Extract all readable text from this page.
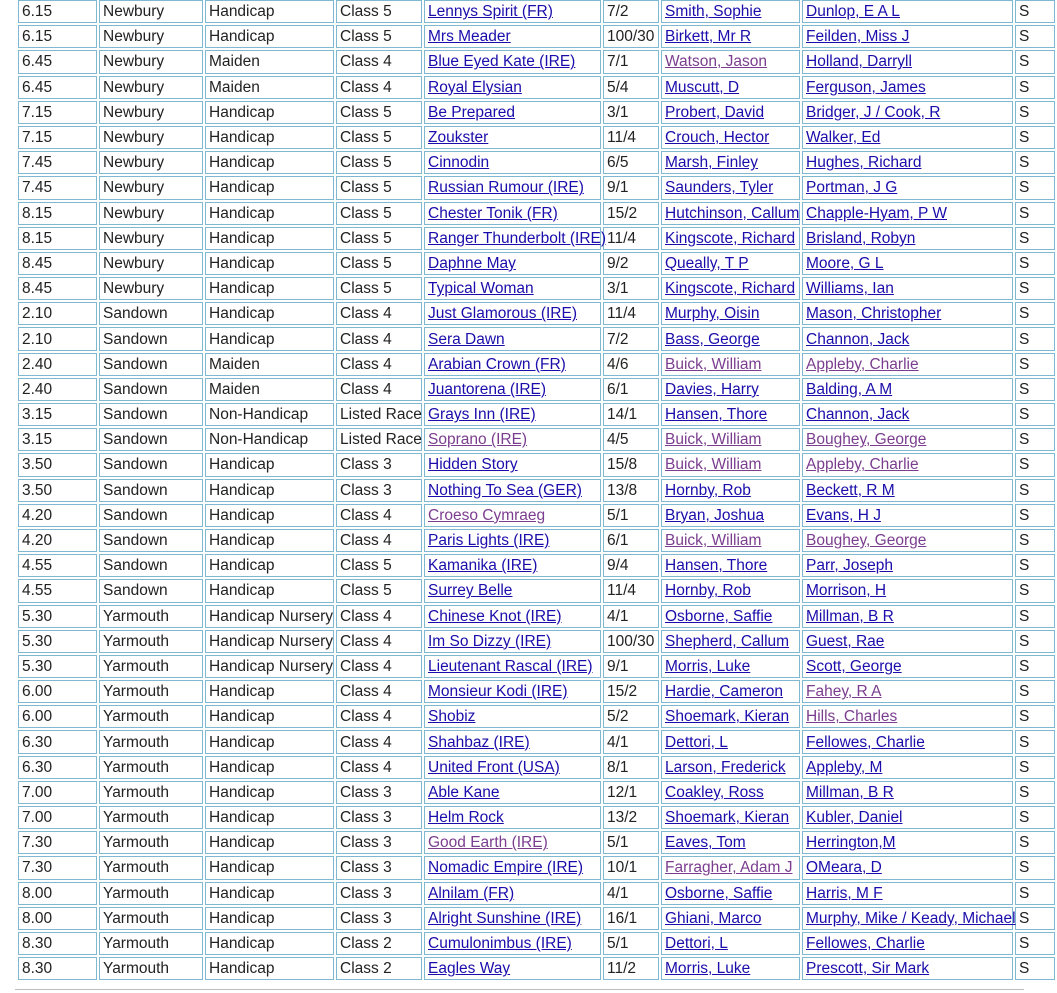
6.15	Newbury	Handicap	Class 5	Lennys Spirit (FR)	7/2	Smith, Sophie	Dunlop, E A L	S
6.15	Newbury	Handicap	Class 5	Mrs Meader	100/30	Birkett, Mr R	Feilden, Miss J	S
6.45	Newbury	Maiden	Class 4	Blue Eyed Kate (IRE)	7/1	Watson, Jason	Holland, Darryll	S
6.45	Newbury	Maiden	Class 4	Royal Elysian	5/4	Muscutt, D	Ferguson, James	S
7.15	Newbury	Handicap	Class 5	Be Prepared	3/1	Probert, David	Bridger, J / Cook, R	S
7.15	Newbury	Handicap	Class 5	Zoukster	11/4	Crouch, Hector	Walker, Ed	S
7.45	Newbury	Handicap	Class 5	Cinnodin	6/5	Marsh, Finley	Hughes, Richard	S
7.45	Newbury	Handicap	Class 5	Russian Rumour (IRE)	9/1	Saunders, Tyler	Portman, J G	S
8.15	Newbury	Handicap	Class 5	Chester Tonik (FR)	15/2	Hutchinson, Callum	Chapple-Hyam, P W	S
8.15	Newbury	Handicap	Class 5	Ranger Thunderbolt (IRE)	11/4	Kingscote, Richard	Brisland, Robyn	S
8.45	Newbury	Handicap	Class 5	Daphne May	9/2	Queally, T P	Moore, G L	S
8.45	Newbury	Handicap	Class 5	Typical Woman	3/1	Kingscote, Richard	Williams, Ian	S
2.10	Sandown	Handicap	Class 4	Just Glamorous (IRE)	11/4	Murphy, Oisin	Mason, Christopher	S
2.10	Sandown	Handicap	Class 4	Sera Dawn	7/2	Bass, George	Channon, Jack	S
2.40	Sandown	Maiden	Class 4	Arabian Crown (FR)	4/6	Buick, William	Appleby, Charlie	S
2.40	Sandown	Maiden	Class 4	Juantorena (IRE)	6/1	Davies, Harry	Balding, A M	S
3.15	Sandown	Non-Handicap	Listed Race	Grays Inn (IRE)	14/1	Hansen, Thore	Channon, Jack	S
3.15	Sandown	Non-Handicap	Listed Race	Soprano (IRE)	4/5	Buick, William	Boughey, George	S
3.50	Sandown	Handicap	Class 3	Hidden Story	15/8	Buick, William	Appleby, Charlie	S
3.50	Sandown	Handicap	Class 3	Nothing To Sea (GER)	13/8	Hornby, Rob	Beckett, R M	S
4.20	Sandown	Handicap	Class 4	Croeso Cymraeg	5/1	Bryan, Joshua	Evans, H J	S
4.20	Sandown	Handicap	Class 4	Paris Lights (IRE)	6/1	Buick, William	Boughey, George	S
4.55	Sandown	Handicap	Class 5	Kamanika (IRE)	9/4	Hansen, Thore	Parr, Joseph	S
4.55	Sandown	Handicap	Class 5	Surrey Belle	11/4	Hornby, Rob	Morrison, H	S
5.30	Yarmouth	Handicap Nursery	Class 4	Chinese Knot (IRE)	4/1	Osborne, Saffie	Millman, B R	S
5.30	Yarmouth	Handicap Nursery	Class 4	Im So Dizzy (IRE)	100/30	Shepherd, Callum	Guest, Rae	S
5.30	Yarmouth	Handicap Nursery	Class 4	Lieutenant Rascal (IRE)	9/1	Morris, Luke	Scott, George	S
6.00	Yarmouth	Handicap	Class 4	Monsieur Kodi (IRE)	15/2	Hardie, Cameron	Fahey, R A	S
6.00	Yarmouth	Handicap	Class 4	Shobiz	5/2	Shoemark, Kieran	Hills, Charles	S
6.30	Yarmouth	Handicap	Class 4	Shahbaz (IRE)	4/1	Dettori, L	Fellowes, Charlie	S
6.30	Yarmouth	Handicap	Class 4	United Front (USA)	8/1	Larson, Frederick	Appleby, M	S
7.00	Yarmouth	Handicap	Class 3	Able Kane	12/1	Coakley, Ross	Millman, B R	S
7.00	Yarmouth	Handicap	Class 3	Helm Rock	13/2	Shoemark, Kieran	Kubler, Daniel	S
7.30	Yarmouth	Handicap	Class 3	Good Earth (IRE)	5/1	Eaves, Tom	Herrington,M	S
7.30	Yarmouth	Handicap	Class 3	Nomadic Empire (IRE)	10/1	Farragher, Adam J	OMeara, D	S
8.00	Yarmouth	Handicap	Class 3	Alnilam (FR)	4/1	Osborne, Saffie	Harris, M F	S
8.00	Yarmouth	Handicap	Class 3	Alright Sunshine (IRE)	16/1	Ghiani, Marco	Murphy, Mike / Keady, Michael	S
8.30	Yarmouth	Handicap	Class 2	Cumulonimbus (IRE)	5/1	Dettori, L	Fellowes, Charlie	S
8.30	Yarmouth	Handicap	Class 2	Eagles Way	11/2	Morris, Luke	Prescott, Sir Mark	S
